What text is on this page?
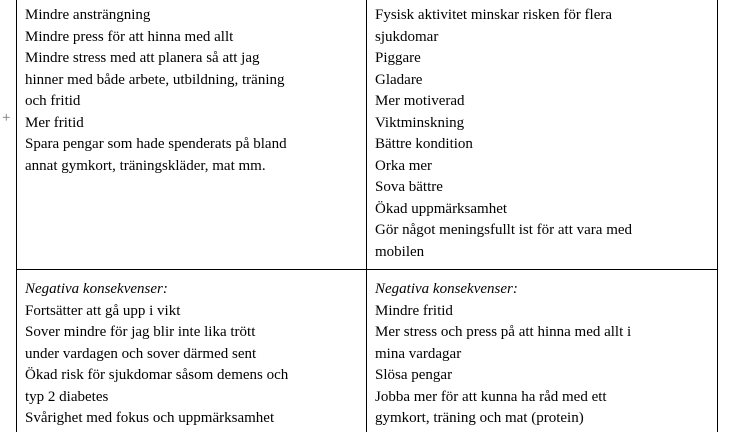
+
Mindre ansträngning
Mindre press för att hinna med allt
Mindre stress med att planera så att jag
hinner med både arbete, utbildning, träning
och fritid
Mer fritid
Spara pengar som hade spenderats på bland
annat gymkort, träningskläder, mat mm.
Fysisk aktivitet minskar risken för flera
sjukdomar
Piggare
Gladare
Mer motiverad
Viktminskning
Bättre kondition
Orka mer
Sova bättre
Ökad uppmärksamhet
Gör något meningsfullt ist för att vara med
mobilen
Negativa konsekvenser:
Fortsätter att gå upp i vikt
Sover mindre för jag blir inte lika trött
under vardagen och sover därmed sent
Ökad risk för sjukdomar såsom demens och
typ 2 diabetes
Svårighet med fokus och uppmärksamhet
Negativa konsekvenser:
Mindre fritid
Mer stress och press på att hinna med allt i
mina vardagar
Slösa pengar
Jobba mer för att kunna ha råd med ett
gymkort, träning och mat (protein)
